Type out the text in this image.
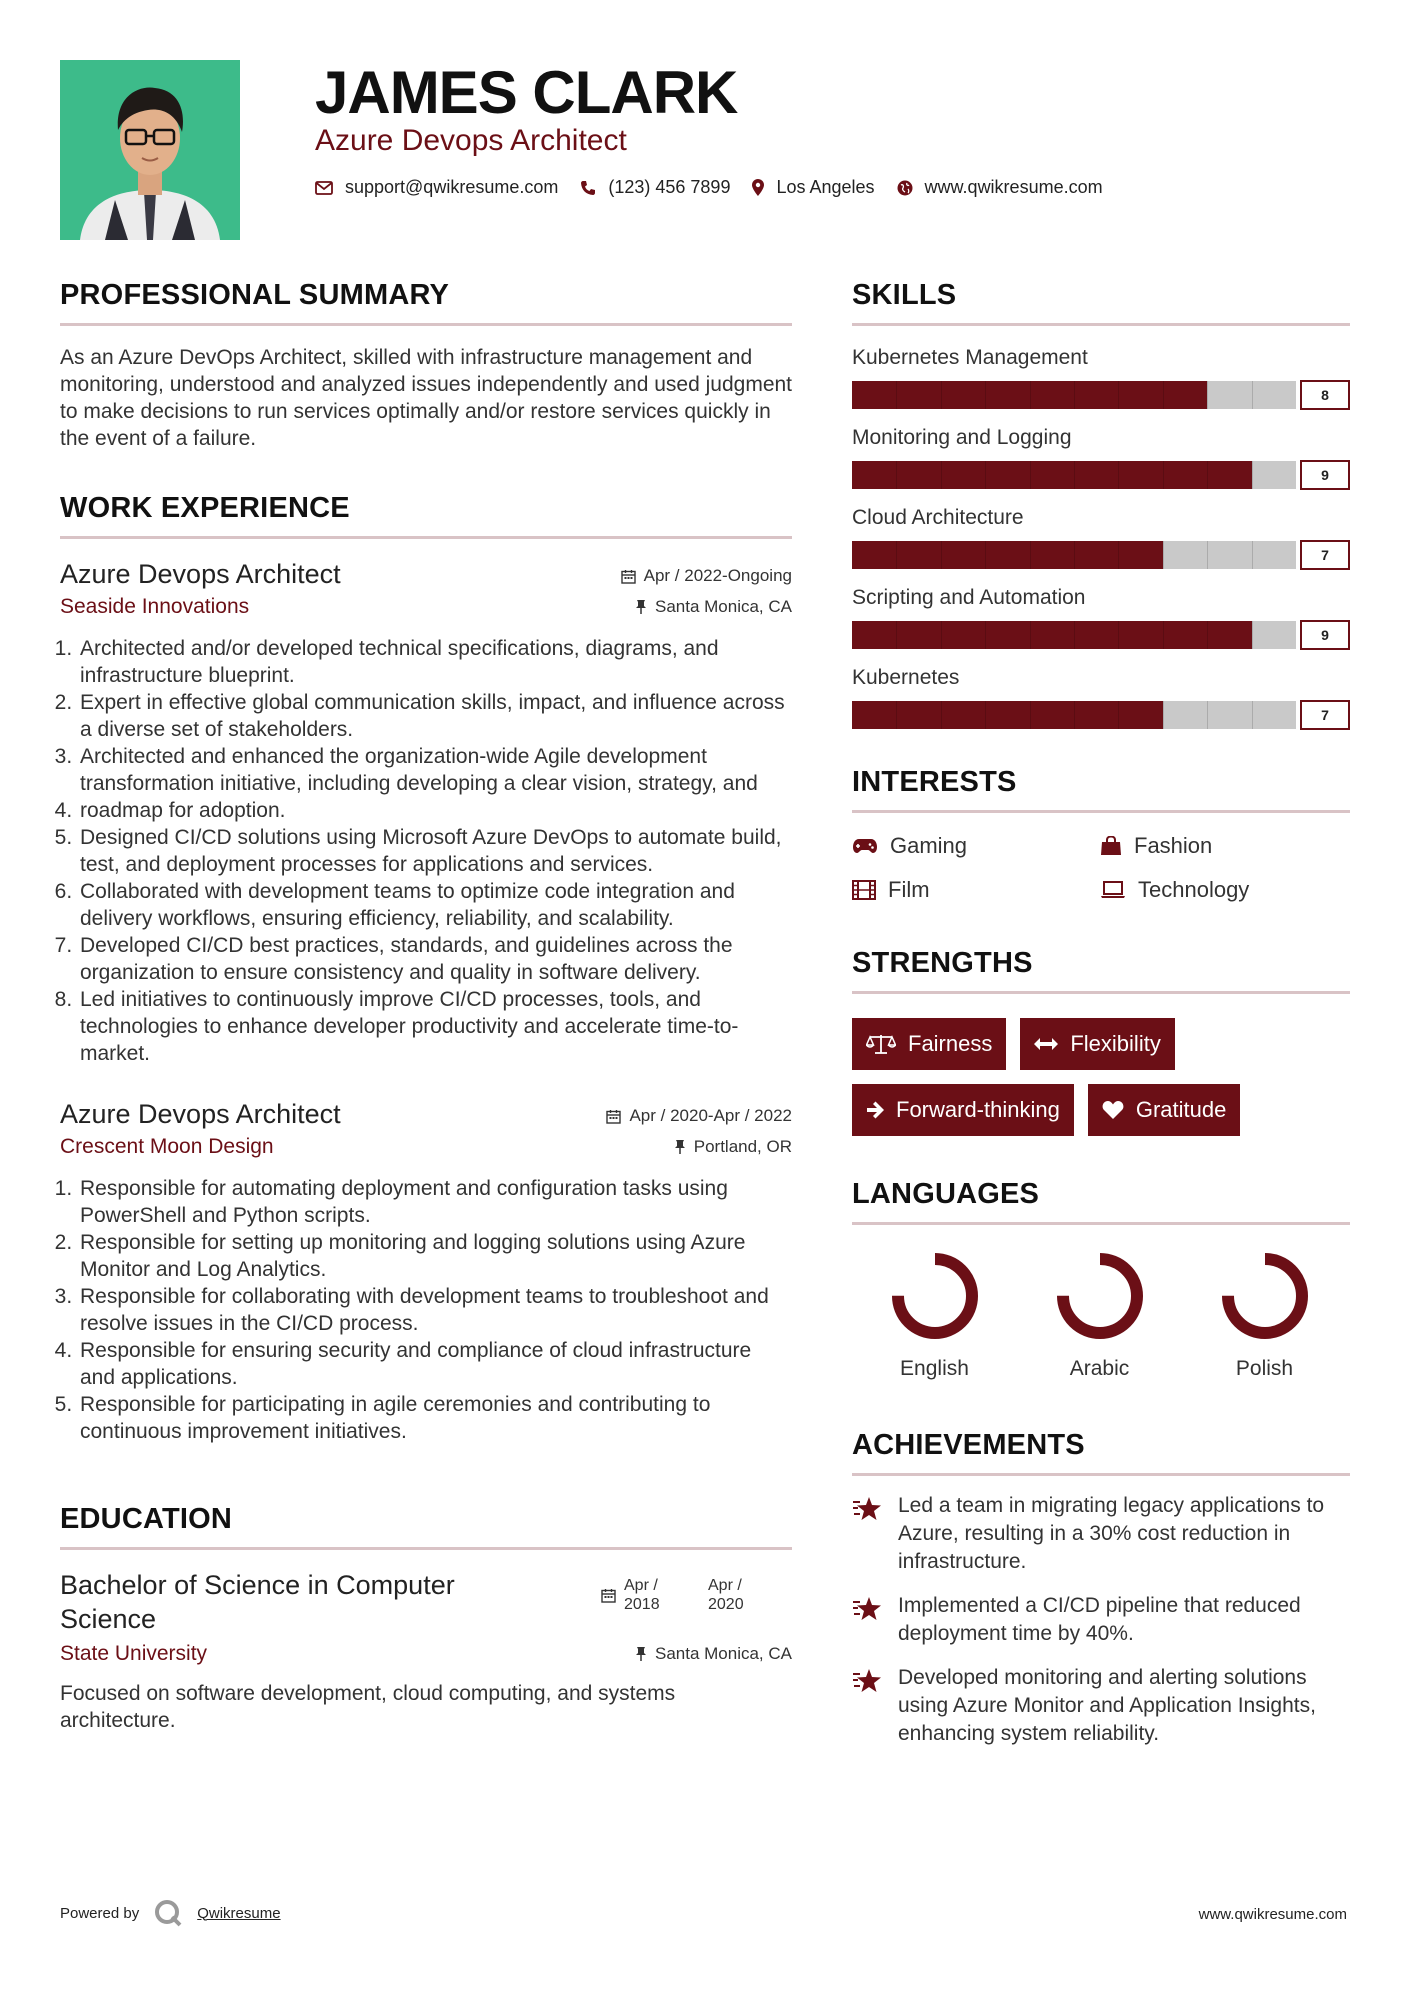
JAMES CLARK
Azure Devops Architect
support@qwikresume.com	(123) 456 7899	Los Angeles	www.qwikresume.com
PROFESSIONAL SUMMARY

As an Azure DevOps Architect, skilled with infrastructure management and monitoring, understood and analyzed issues independently and used judgment to make decisions to run services optimally and/or restore services quickly in the event of a failure.

WORK EXPERIENCE
Azure Devops Architect	Apr / 2022-Ongoing
Seaside Innovations	Santa Monica, CA
1. Architected and/or developed technical specifications, diagrams, and infrastructure blueprint.
2. Expert in effective global communication skills, impact, and influence across a diverse set of stakeholders.
3. Architected and enhanced the organization-wide Agile development transformation initiative, including developing a clear vision, strategy, and
4. roadmap for adoption.
5. Designed CI/CD solutions using Microsoft Azure DevOps to automate build, test, and deployment processes for applications and services.
6. Collaborated with development teams to optimize code integration and delivery workflows, ensuring efficiency, reliability, and scalability.
7. Developed CI/CD best practices, standards, and guidelines across the organization to ensure consistency and quality in software delivery.
8. Led initiatives to continuously improve CI/CD processes, tools, and technologies to enhance developer productivity and accelerate time-to-market.
Azure Devops Architect	Apr / 2020-Apr / 2022
Crescent Moon Design	Portland, OR
1. Responsible for automating deployment and configuration tasks using PowerShell and Python scripts.
2. Responsible for setting up monitoring and logging solutions using Azure Monitor and Log Analytics.
3. Responsible for collaborating with development teams to troubleshoot and resolve issues in the CI/CD process.
4. Responsible for ensuring security and compliance of cloud infrastructure and applications.
5. Responsible for participating in agile ceremonies and contributing to continuous improvement initiatives.
EDUCATION
Bachelor of Science in Computer Science
Apr / 2018
Apr / 2020
State University	Santa Monica, CA

Focused on software development, cloud computing, and systems architecture.

SKILLS
Kubernetes Management
8
Monitoring and Logging
9
Cloud Architecture
7
Scripting and Automation
9
Kubernetes
7
INTERESTS
Gaming	Fashion
Film	Technology
STRENGTHS
Fairness	Flexibility
Forward-thinking	Gratitude
LANGUAGES
English	Arabic	Polish
ACHIEVEMENTS
Led a team in migrating legacy applications to Azure, resulting in a 30% cost reduction in infrastructure.
Implemented a CI/CD pipeline that reduced deployment time by 40%.
Developed monitoring and alerting solutions using Azure Monitor and Application Insights, enhancing system reliability.
Powered by	Qwikresume	www.qwikresume.com
